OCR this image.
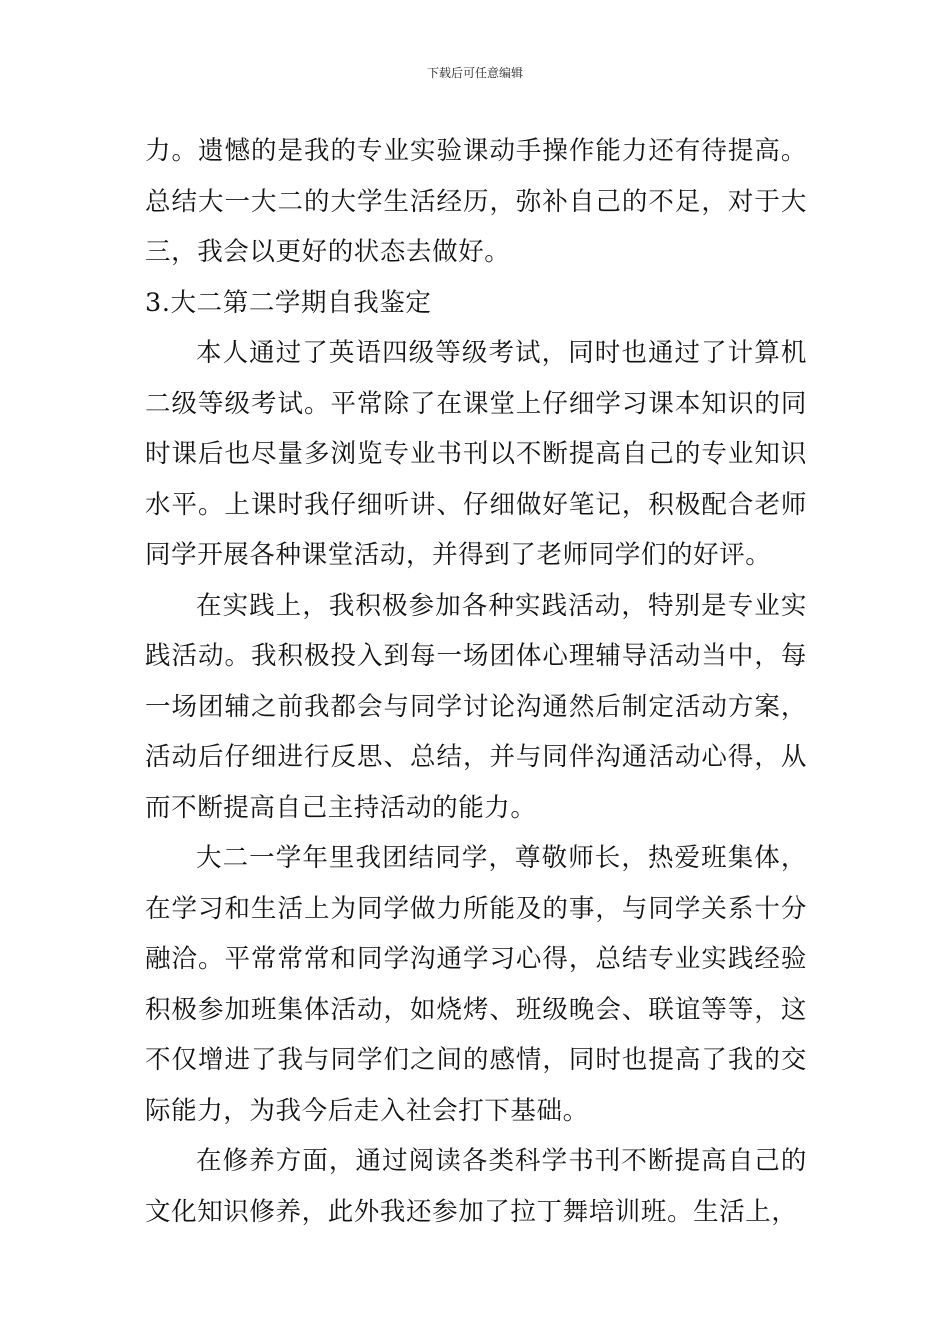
下载后可任意编辑

力。遗憾的是我的专业实验课动手操作能力还有待提高。总结大一大二的大学生活经历，弥补自己的不足，对于大三，我会以更好的状态去做好。

3.大二第二学期自我鉴定

本人通过了英语四级等级考试，同时也通过了计算机二级等级考试。平常除了在课堂上仔细学习课本知识的同时课后也尽量多浏览专业书刊以不断提高自己的专业知识水平。上课时我仔细听讲、仔细做好笔记，积极配合老师同学开展各种课堂活动，并得到了老师同学们的好评。

在实践上，我积极参加各种实践活动，特别是专业实践活动。我积极投入到每一场团体心理辅导活动当中，每一场团辅之前我都会与同学讨论沟通然后制定活动方案，活动后仔细进行反思、总结，并与同伴沟通活动心得，从而不断提高自己主持活动的能力。

大二一学年里我团结同学，尊敬师长，热爱班集体，在学习和生活上为同学做力所能及的事，与同学关系十分融洽。平常常常和同学沟通学习心得，总结专业实践经验积极参加班集体活动，如烧烤、班级晚会、联谊等等，这不仅增进了我与同学们之间的感情，同时也提高了我的交际能力，为我今后走入社会打下基础。

在修养方面，通过阅读各类科学书刊不断提高自己的文化知识修养，此外我还参加了拉丁舞培训班。生活上，
